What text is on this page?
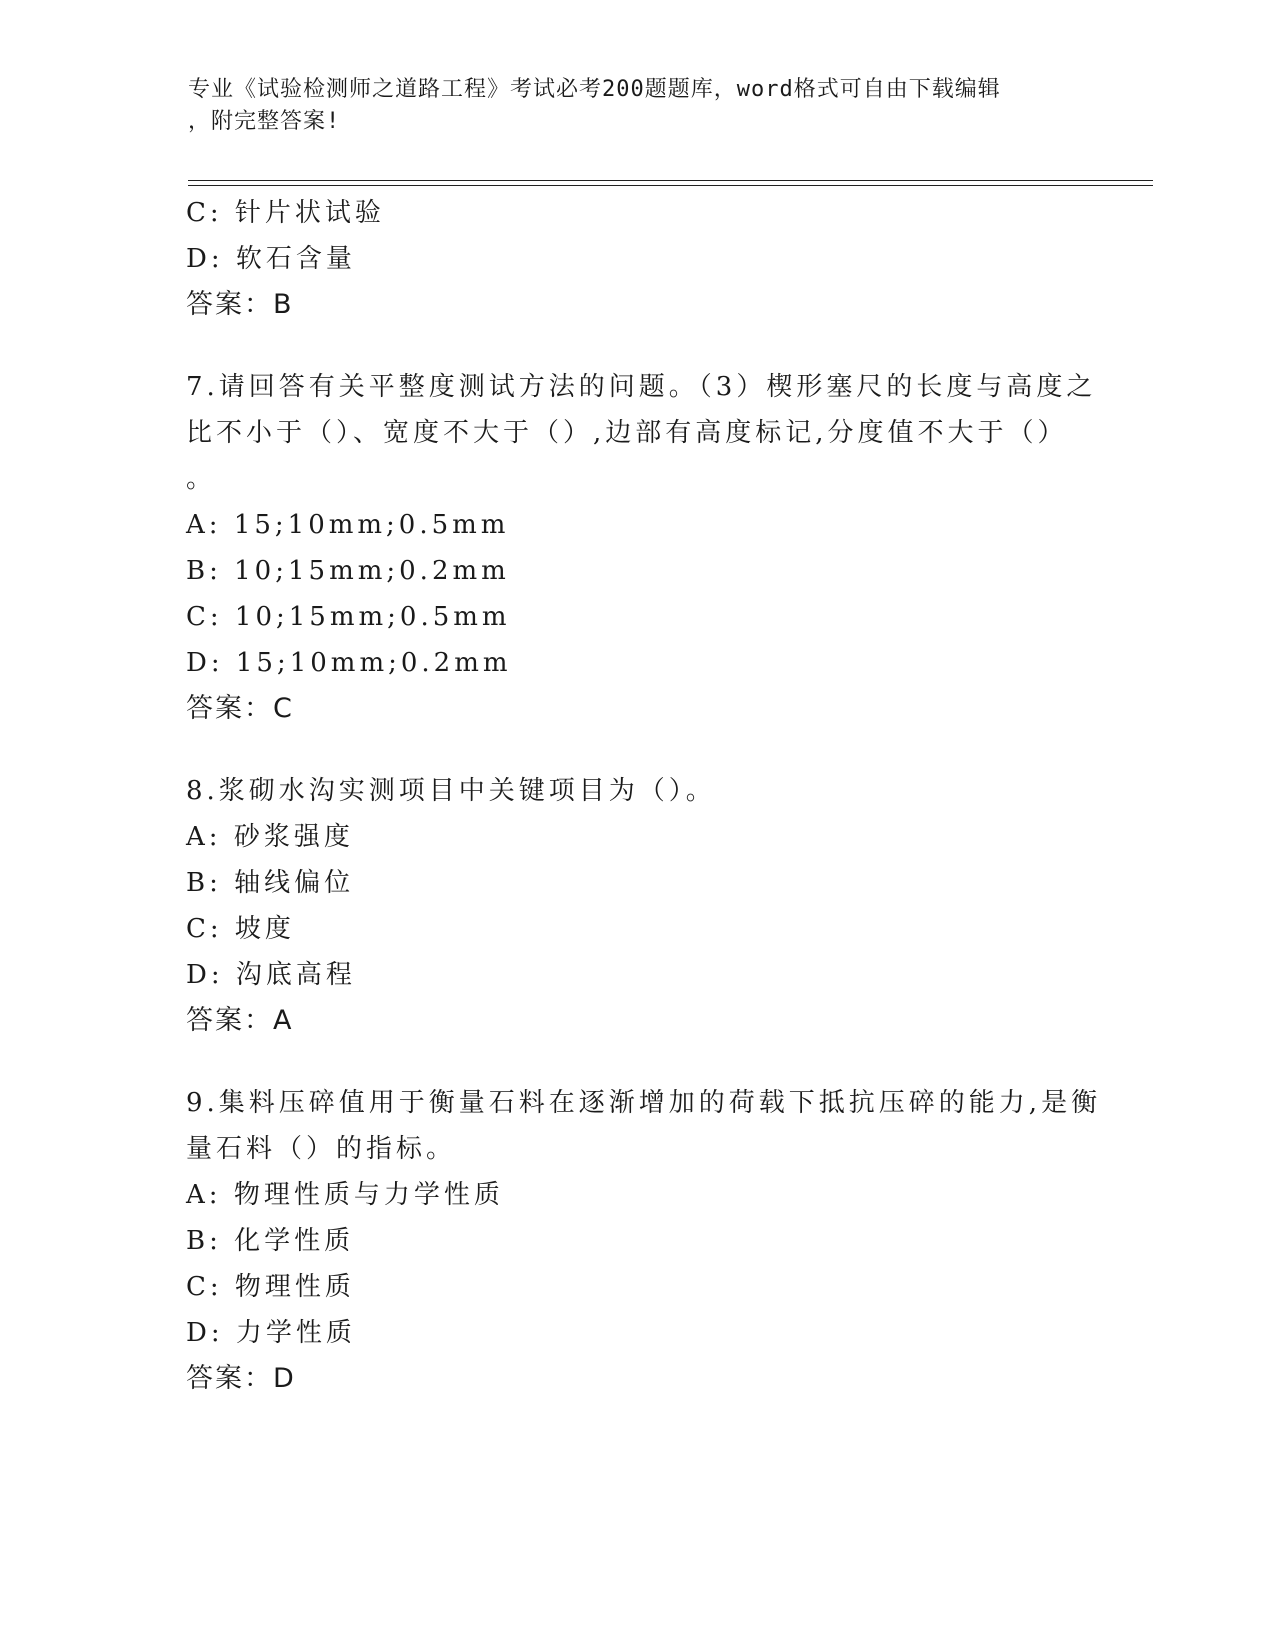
专业《试验检测师之道路工程》考试必考200题题库，word格式可自由下载编辑
，附完整答案!
C: 针片状试验
D: 软石含量
答案：B
7.请回答有关平整度测试方法的问题。（3）楔形塞尺的长度与高度之
比不小于（）、宽度不大于（）,边部有高度标记,分度值不大于（）
。
A: 15;10mm;0.5mm
B: 10;15mm;0.2mm
C: 10;15mm;0.5mm
D: 15;10mm;0.2mm
答案：C
8.浆砌水沟实测项目中关键项目为（）。
A: 砂浆强度
B: 轴线偏位
C: 坡度
D: 沟底高程
答案：A
9.集料压碎值用于衡量石料在逐渐增加的荷载下抵抗压碎的能力,是衡
量石料（）的指标。
A: 物理性质与力学性质
B: 化学性质
C: 物理性质
D: 力学性质
答案：D
